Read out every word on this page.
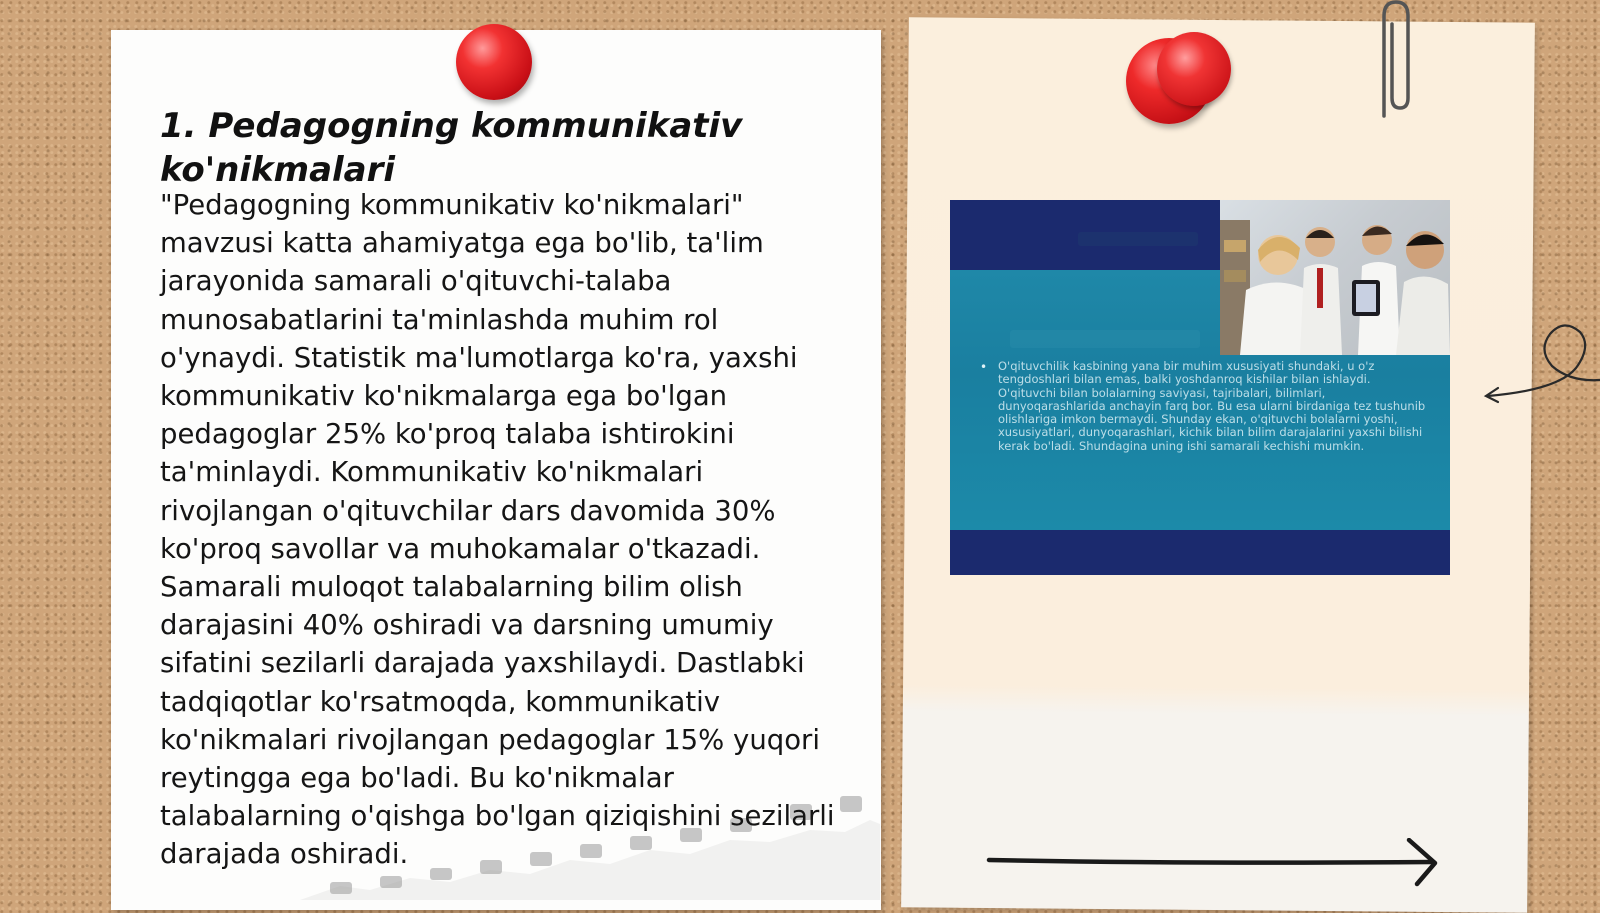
1. Pedagogning kommunikativ ko'nikmalari

"Pedagogning kommunikativ ko'nikmalari" mavzusi katta ahamiyatga ega bo'lib, ta'lim jarayonida samarali o'qituvchi-talaba munosabatlarini ta'minlashda muhim rol o'ynaydi. Statistik ma'lumotlarga ko'ra, yaxshi kommunikativ ko'nikmalarga ega bo'lgan pedagoglar 25% ko'proq talaba ishtirokini ta'minlaydi. Kommunikativ ko'nikmalari rivojlangan o'qituvchilar dars davomida 30% ko'proq savollar va muhokamalar o'tkazadi. Samarali muloqot talabalarning bilim olish darajasini 40% oshiradi va darsning umumiy sifatini sezilarli darajada yaxshilaydi. Dastlabki tadqiqotlar ko'rsatmoqda, kommunikativ ko'nikmalari rivojlangan pedagoglar 15% yuqori reytingga ega bo'ladi. Bu ko'nikmalar talabalarning o'qishga bo'lgan qiziqishini sezilarli darajada oshiradi.

• O'qituvchilik kasbining yana bir muhim xususiyati shundaki, u o'z tengdoshlari bilan emas, balki yoshdanroq kishilar bilan ishlaydi. O'qituvchi bilan bolalarning saviyasi, tajribalari, bilimlari, dunyoqarashlarida anchayin farq bor. Bu esa ularni birdaniga tez tushunib olishlariga imkon bermaydi. Shunday ekan, o'qituvchi bolalarni yoshi, xususiyatlari, dunyoqarashlari, kichik bilan bilim darajalarini yaxshi bilishi kerak bo'ladi. Shundagina uning ishi samarali kechishi mumkin.
